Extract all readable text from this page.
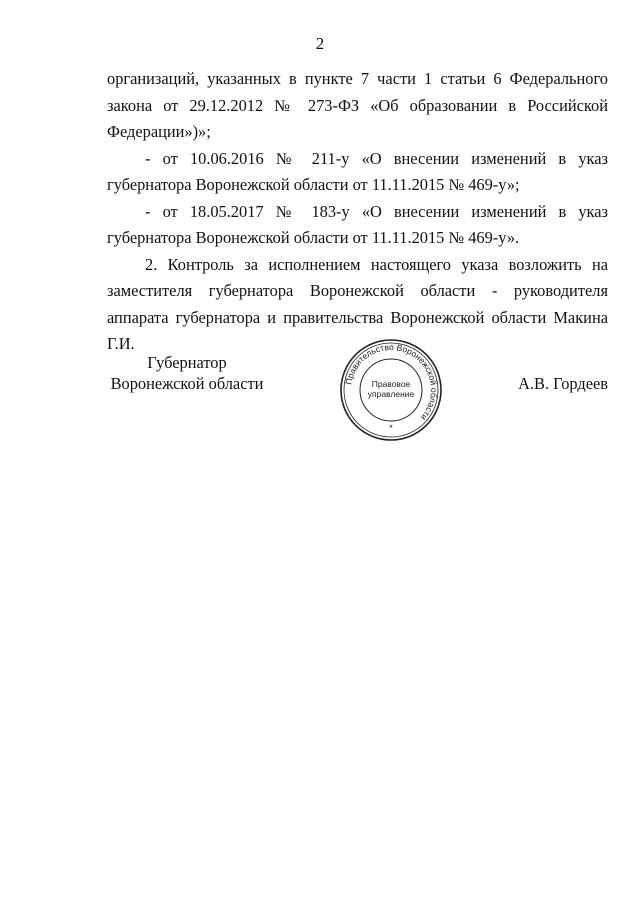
2

организаций, указанных в пункте 7 части 1 статьи 6 Федерального закона от 29.12.2012 № 273-ФЗ «Об образовании в Российской Федерации»)»;

- от 10.06.2016 № 211-у «О внесении изменений в указ губернатора Воронежской области от 11.11.2015 № 469-у»;

- от 18.05.2017 № 183-у «О внесении изменений в указ губернатора Воронежской области от 11.11.2015 № 469-у».

2. Контроль за исполнением настоящего указа возложить на заместителя губернатора Воронежской области - руководителя аппарата губернатора и правительства Воронежской области Макина Г.И.

Губернатор
Воронежской области	Правительство Воронежской области
Правовое
управление
*
А.В. Гордеев
